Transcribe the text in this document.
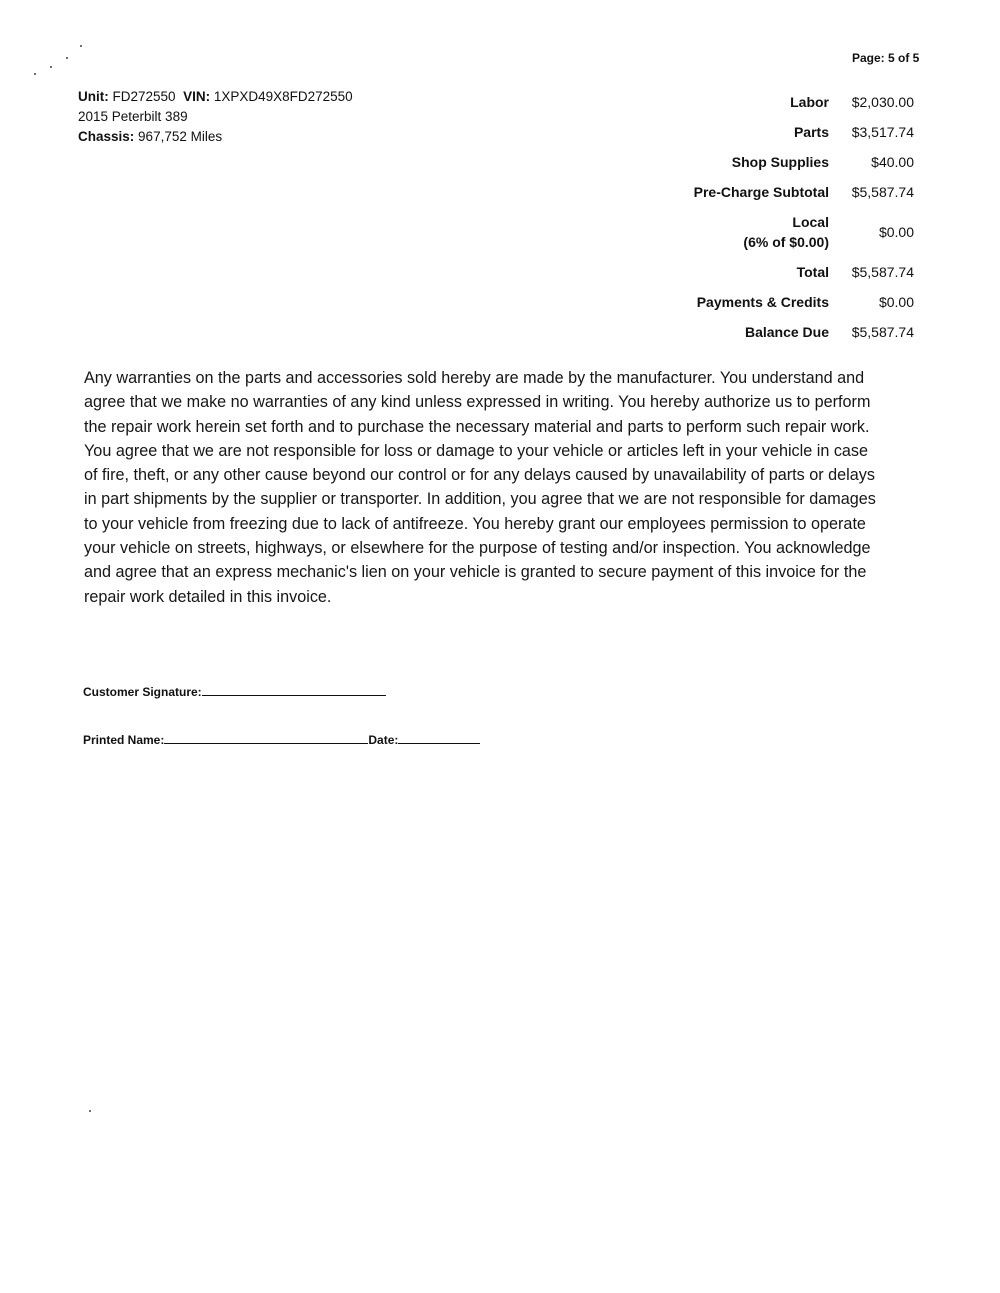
Page: 5 of 5
Unit: FD272550 VIN: 1XPXD49X8FD272550
2015 Peterbilt 389
Chassis: 967,752 Miles
Labor	$2,030.00
Parts	$3,517.74
Shop Supplies	$40.00
Pre-Charge Subtotal	$5,587.74
Local
(6% of $0.00)
$0.00
Total	$5,587.74
Payments & Credits	$0.00
Balance Due	$5,587.74
Any warranties on the parts and accessories sold hereby are made by the manufacturer. You understand and
agree that we make no warranties of any kind unless expressed in writing. You hereby authorize us to perform
the repair work herein set forth and to purchase the necessary material and parts to perform such repair work.
You agree that we are not responsible for loss or damage to your vehicle or articles left in your vehicle in case
of fire, theft, or any other cause beyond our control or for any delays caused by unavailability of parts or delays
in part shipments by the supplier or transporter. In addition, you agree that we are not responsible for damages
to your vehicle from freezing due to lack of antifreeze. You hereby grant our employees permission to operate
your vehicle on streets, highways, or elsewhere for the purpose of testing and/or inspection. You acknowledge
and agree that an express mechanic's lien on your vehicle is granted to secure payment of this invoice for the
repair work detailed in this invoice.
Customer Signature:
Printed Name:	Date:
